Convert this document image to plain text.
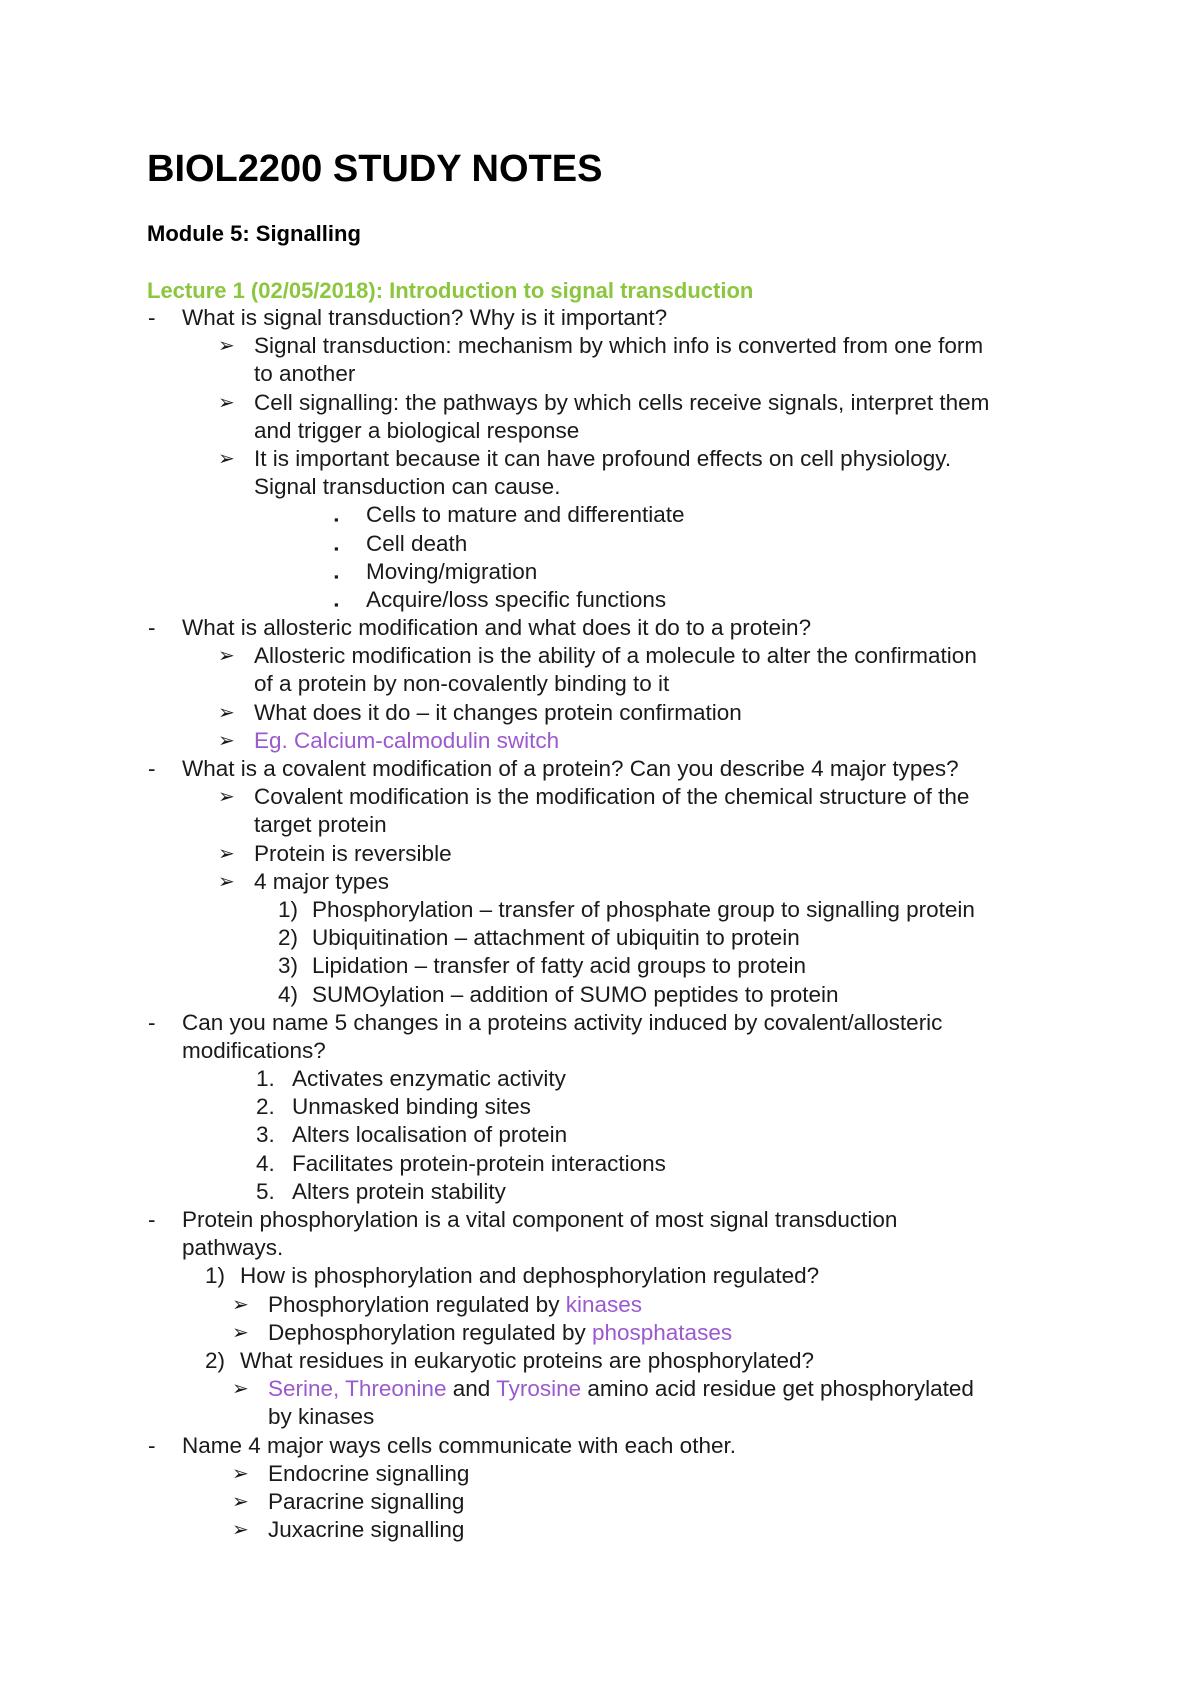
BIOL2200 STUDY NOTES
Module 5: Signalling
Lecture 1 (02/05/2018): Introduction to signal transduction
- What is signal transduction? Why is it important?
➢ Signal transduction: mechanism by which info is converted from one form
to another
➢ Cell signalling: the pathways by which cells receive signals, interpret them
and trigger a biological response
➢ It is important because it can have profound effects on cell physiology.
Signal transduction can cause.
▪ Cells to mature and differentiate
▪ Cell death
▪ Moving/migration
▪ Acquire/loss specific functions
- What is allosteric modification and what does it do to a protein?
➢ Allosteric modification is the ability of a molecule to alter the confirmation
of a protein by non-covalently binding to it
➢ What does it do – it changes protein confirmation
➢ Eg. Calcium-calmodulin switch
- What is a covalent modification of a protein? Can you describe 4 major types?
➢ Covalent modification is the modification of the chemical structure of the
target protein
➢ Protein is reversible
➢ 4 major types
1) Phosphorylation – transfer of phosphate group to signalling protein
2) Ubiquitination – attachment of ubiquitin to protein
3) Lipidation – transfer of fatty acid groups to protein
4) SUMOylation – addition of SUMO peptides to protein
- Can you name 5 changes in a proteins activity induced by covalent/allosteric
modifications?
1. Activates enzymatic activity
2. Unmasked binding sites
3. Alters localisation of protein
4. Facilitates protein-protein interactions
5. Alters protein stability
- Protein phosphorylation is a vital component of most signal transduction
pathways.
1) How is phosphorylation and dephosphorylation regulated?
➢ Phosphorylation regulated by kinases
➢ Dephosphorylation regulated by phosphatases
2) What residues in eukaryotic proteins are phosphorylated?
➢ Serine, Threonine and Tyrosine amino acid residue get phosphorylated
by kinases
- Name 4 major ways cells communicate with each other.
➢ Endocrine signalling
➢ Paracrine signalling
➢ Juxacrine signalling
